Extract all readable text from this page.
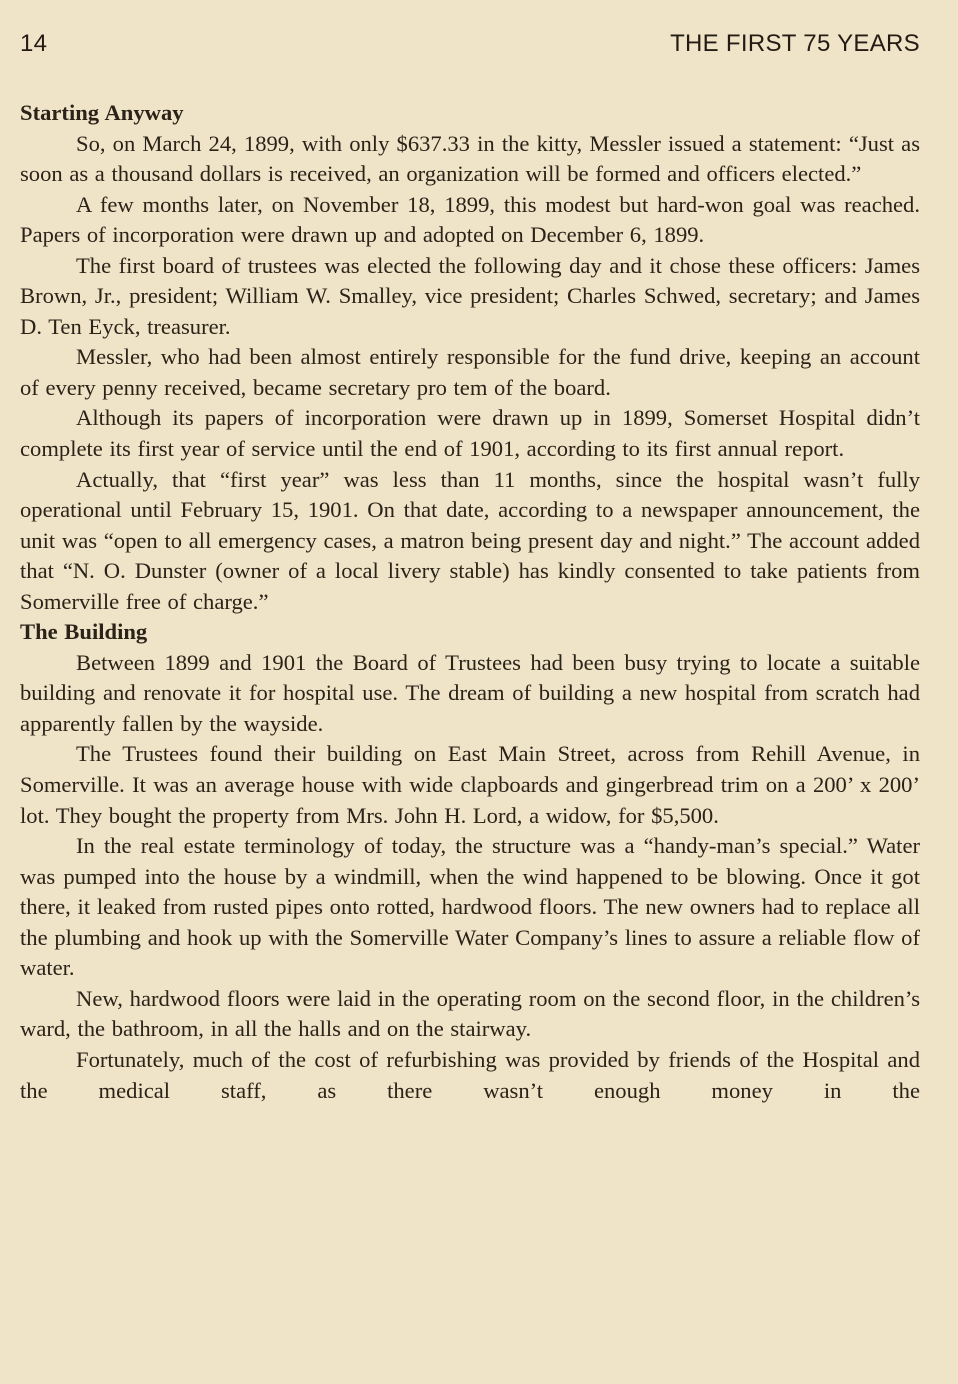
14	THE FIRST 75 YEARS
Starting Anyway

So, on March 24, 1899, with only $637.33 in the kitty, Messler issued a statement: “Just as soon as a thousand dollars is received, an organization will be formed and officers elected.”

A few months later, on November 18, 1899, this modest but hard-won goal was reached. Papers of incorporation were drawn up and adopted on December 6, 1899.

The first board of trustees was elected the following day and it chose these officers: James Brown, Jr., president; William W. Smalley, vice president; Charles Schwed, secretary; and James D. Ten Eyck, treasurer.

Messler, who had been almost entirely responsible for the fund drive, keeping an account of every penny received, became secretary pro tem of the board.

Although its papers of incorporation were drawn up in 1899, Somerset Hospital didn’t complete its first year of service until the end of 1901, according to its first annual report.

Actually, that “first year” was less than 11 months, since the hospital wasn’t fully operational until February 15, 1901. On that date, according to a newspaper announcement, the unit was “open to all emergency cases, a matron being present day and night.” The account added that “N. O. Dunster (owner of a local livery stable) has kindly consented to take patients from Somerville free of charge.”

The Building

Between 1899 and 1901 the Board of Trustees had been busy trying to locate a suitable building and renovate it for hospital use. The dream of building a new hospital from scratch had apparently fallen by the wayside.

The Trustees found their building on East Main Street, across from Rehill Avenue, in Somerville. It was an average house with wide clapboards and gingerbread trim on a 200’ x 200’ lot. They bought the property from Mrs. John H. Lord, a widow, for $5,500.

In the real estate terminology of today, the structure was a “handy-man’s special.” Water was pumped into the house by a windmill, when the wind happened to be blowing. Once it got there, it leaked from rusted pipes onto rotted, hardwood floors. The new owners had to replace all the plumbing and hook up with the Somerville Water Company’s lines to assure a reliable flow of water.

New, hardwood floors were laid in the operating room on the second floor, in the children’s ward, the bathroom, in all the halls and on the stairway.

Fortunately, much of the cost of refurbishing was provided by friends of the Hospital and the medical staff, as there wasn’t enough money in the
